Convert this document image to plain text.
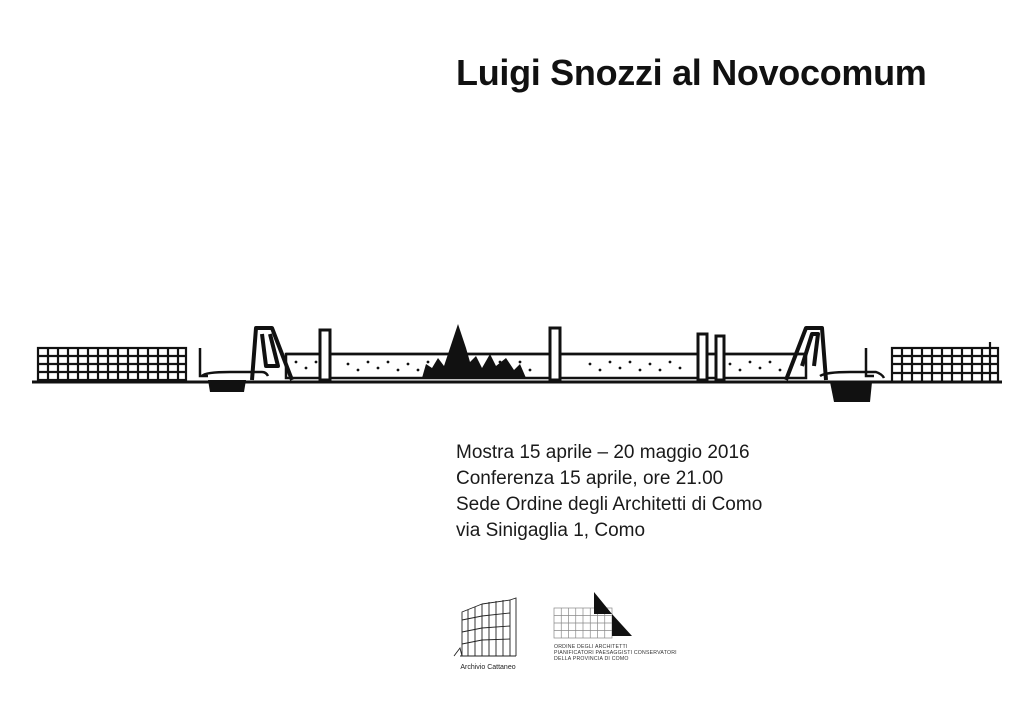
Luigi Snozzi al Novocomum
Mostra 15 aprile – 20 maggio 2016
Conferenza 15 aprile, ore 21.00
Sede Ordine degli Architetti di Como
via Sinigaglia 1, Como
Archivio Cattaneo
ORDINE DEGLI ARCHITETTI
PIANIFICATORI PAESAGGISTI CONSERVATORI
DELLA PROVINCIA DI COMO
